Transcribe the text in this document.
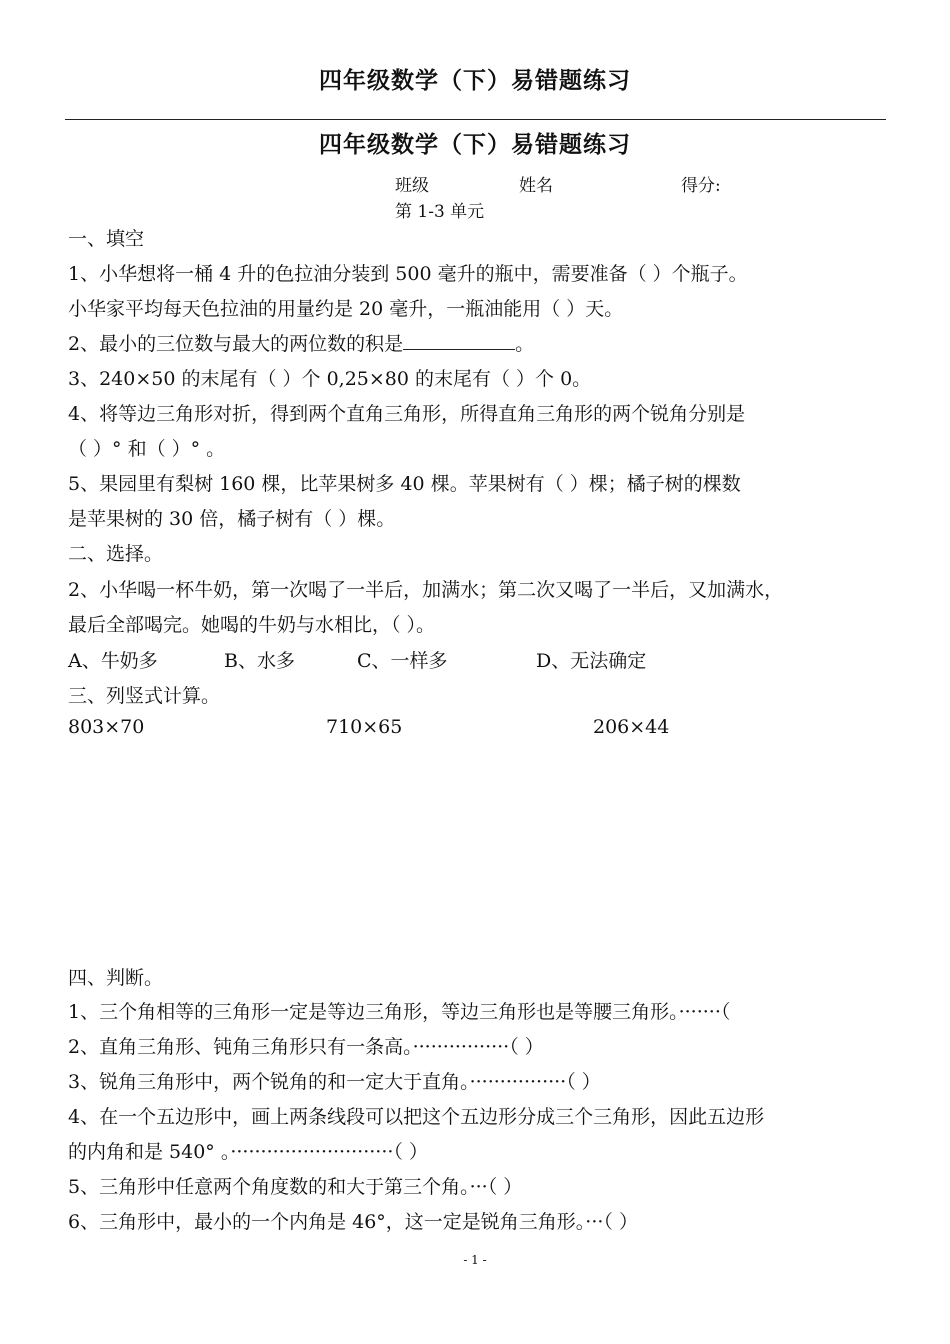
四年级数学（下）易错题练习
四年级数学（下）易错题练习
班级	姓名	得分:
第 1-3 单元
一、填空
1、小华想将一桶 4 升的色拉油分装到 500 毫升的瓶中，需要准备（ ）个瓶子。
小华家平均每天色拉油的用量约是 20 毫升，一瓶油能用（ ）天。
2、最小的三位数与最大的两位数的积是	。
3、240×50 的末尾有（ ）个 0,25×80 的末尾有（ ）个 0。
4、将等边三角形对折，得到两个直角三角形，所得直角三角形的两个锐角分别是
（ ）° 和（ ）° 。
5、果园里有梨树 160 棵，比苹果树多 40 棵。苹果树有（ ）棵；橘子树的棵数
是苹果树的 30 倍，橘子树有（ ）棵。
二、选择。
2、小华喝一杯牛奶，第一次喝了一半后，加满水；第二次又喝了一半后，又加满水，
最后全部喝完。她喝的牛奶与水相比，（ ）。
A、牛奶多	B、水多	C、一样多	D、无法确定
三、列竖式计算。
803×70	710×65	206×44
四、判断。
1、三个角相等的三角形一定是等边三角形，等边三角形也是等腰三角形。·······（
2、直角三角形、钝角三角形只有一条高。················（ ）
3、锐角三角形中，两个锐角的和一定大于直角。················（ ）
4、在一个五边形中，画上两条线段可以把这个五边形分成三个三角形，因此五边形
的内角和是 540° 。···························（ ）
5、三角形中任意两个角度数的和大于第三个角。···（ ）
6、三角形中，最小的一个内角是 46°，这一定是锐角三角形。···（ ）
- 1 -
